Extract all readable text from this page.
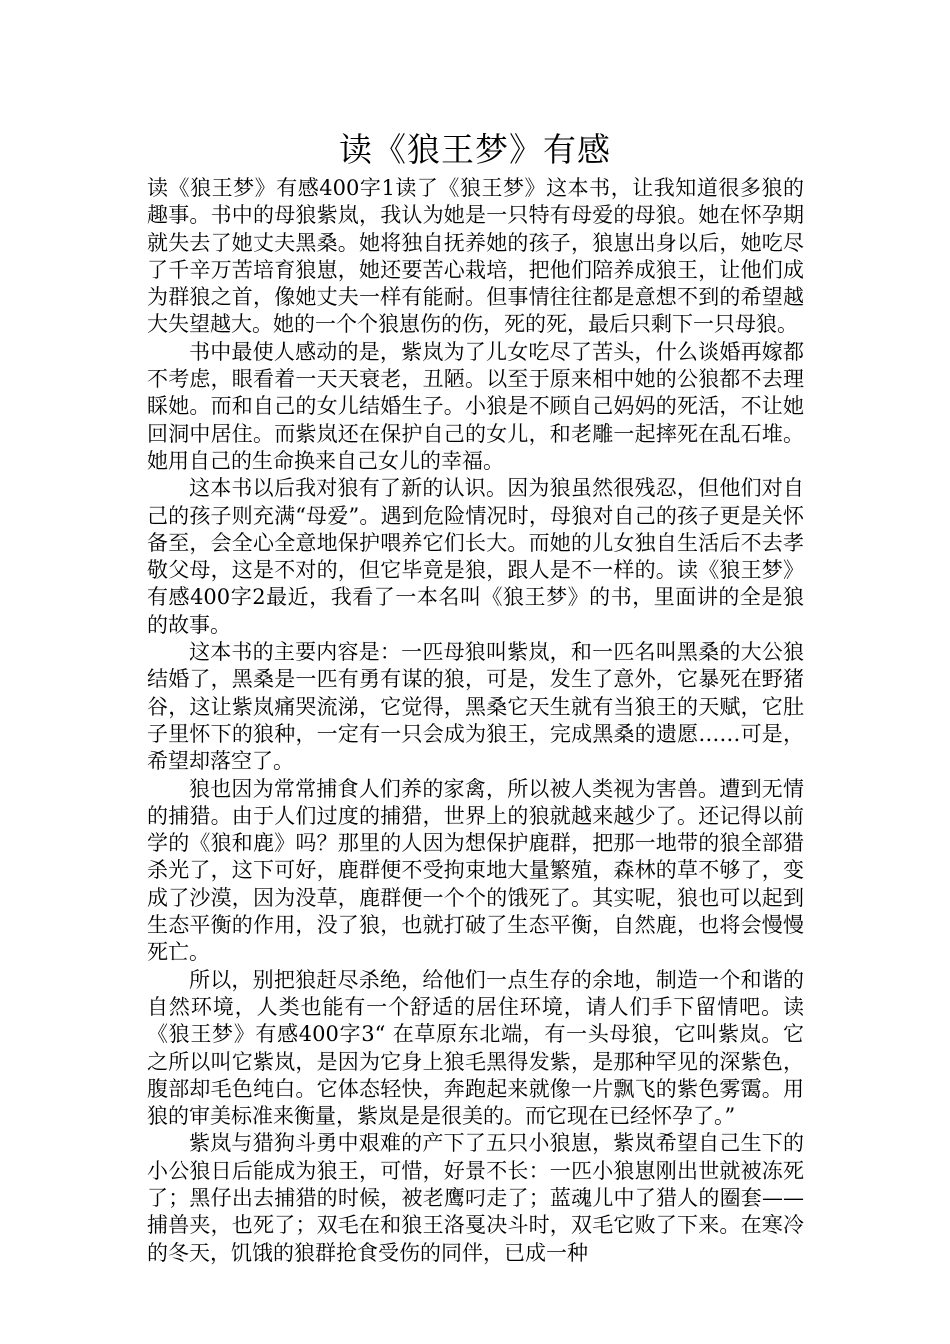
读《狼王梦》有感

读《狼王梦》有感400字1读了《狼王梦》这本书，让我知道很多狼的趣事。书中的母狼紫岚，我认为她是一只特有母爱的母狼。她在怀孕期就失去了她丈夫黑桑。她将独自抚养她的孩子，狼崽出身以后，她吃尽了千辛万苦培育狼崽，她还要苦心栽培，把他们陪养成狼王，让他们成为群狼之首，像她丈夫一样有能耐。但事情往往都是意想不到的希望越大失望越大。她的一个个狼崽伤的伤，死的死，最后只剩下一只母狼。

书中最使人感动的是，紫岚为了儿女吃尽了苦头，什么谈婚再嫁都不考虑，眼看着一天天衰老，丑陋。以至于原来相中她的公狼都不去理睬她。而和自己的女儿结婚生子。小狼是不顾自己妈妈的死活，不让她回洞中居住。而紫岚还在保护自己的女儿，和老雕一起摔死在乱石堆。她用自己的生命换来自己女儿的幸福。

这本书以后我对狼有了新的认识。因为狼虽然很残忍，但他们对自己的孩子则充满“母爱”。遇到危险情况时，母狼对自己的孩子更是关怀备至，会全心全意地保护喂养它们长大。而她的儿女独自生活后不去孝敬父母，这是不对的，但它毕竟是狼，跟人是不一样的。读《狼王梦》有感400字2最近，我看了一本名叫《狼王梦》的书，里面讲的全是狼的故事。

这本书的主要内容是：一匹母狼叫紫岚，和一匹名叫黑桑的大公狼结婚了，黑桑是一匹有勇有谋的狼，可是，发生了意外，它暴死在野猪谷，这让紫岚痛哭流涕，它觉得，黑桑它天生就有当狼王的天赋，它肚子里怀下的狼种，一定有一只会成为狼王，完成黑桑的遗愿……可是，希望却落空了。

狼也因为常常捕食人们养的家禽，所以被人类视为害兽。遭到无情的捕猎。由于人们过度的捕猎，世界上的狼就越来越少了。还记得以前学的《狼和鹿》吗？那里的人因为想保护鹿群，把那一地带的狼全部猎杀光了，这下可好，鹿群便不受拘束地大量繁殖，森林的草不够了，变成了沙漠，因为没草，鹿群便一个个的饿死了。其实呢，狼也可以起到生态平衡的作用，没了狼，也就打破了生态平衡，自然鹿，也将会慢慢死亡。

所以，别把狼赶尽杀绝，给他们一点生存的余地，制造一个和谐的自然环境，人类也能有一个舒适的居住环境，请人们手下留情吧。读《狼王梦》有感400字3“ 在草原东北端，有一头母狼，它叫紫岚。它之所以叫它紫岚，是因为它身上狼毛黑得发紫，是那种罕见的深紫色，腹部却毛色纯白。它体态轻快，奔跑起来就像一片飘飞的紫色雾霭。用狼的审美标准来衡量，紫岚是是很美的。而它现在已经怀孕了。”

紫岚与猎狗斗勇中艰难的产下了五只小狼崽，紫岚希望自己生下的小公狼日后能成为狼王，可惜，好景不长：一匹小狼崽刚出世就被冻死了；黑仔出去捕猎的时候，被老鹰叼走了；蓝魂儿中了猎人的圈套——捕兽夹，也死了；双毛在和狼王洛戛决斗时，双毛它败了下来。在寒冷的冬天，饥饿的狼群抢食受伤的同伴，已成一种
